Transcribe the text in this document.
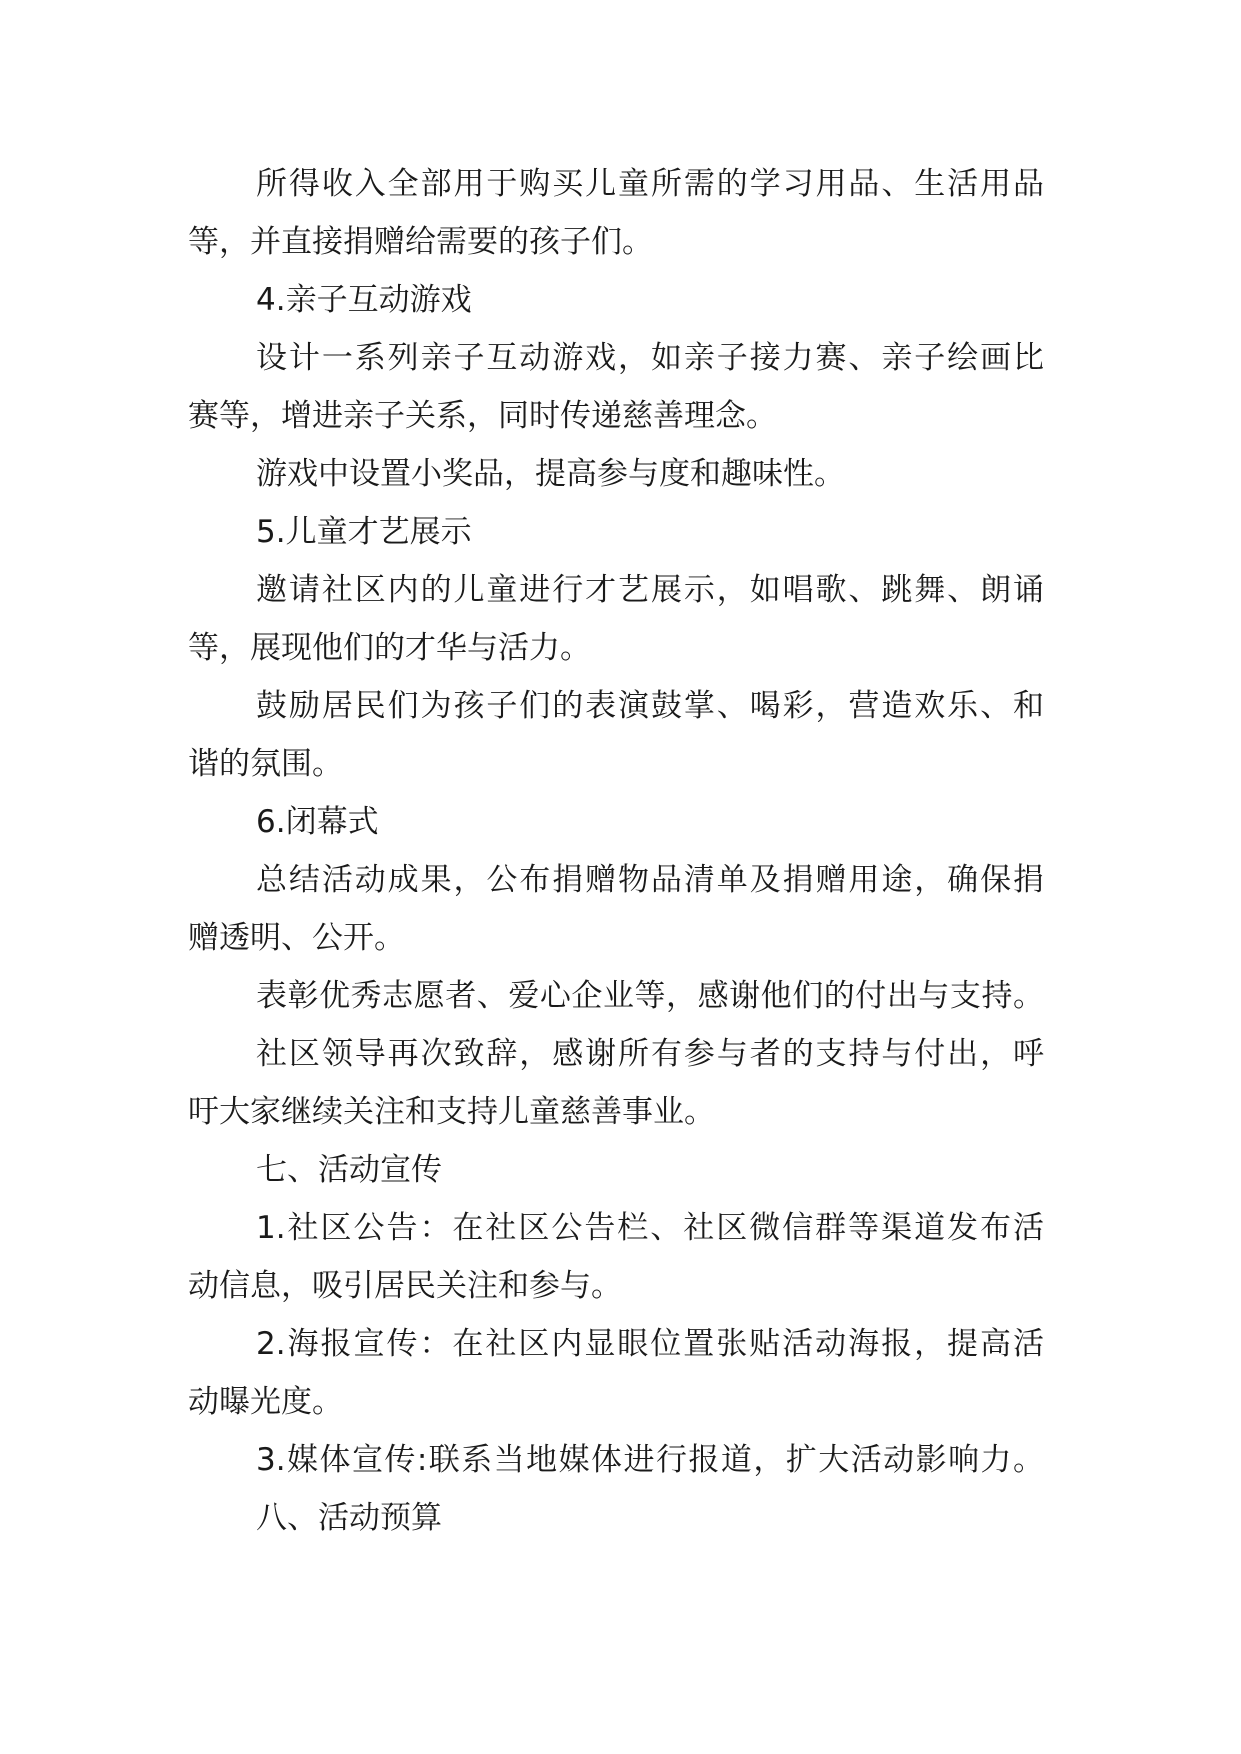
所得收入全部用于购买儿童所需的学习用品、生活用品
等，并直接捐赠给需要的孩子们。
4.亲子互动游戏
设计一系列亲子互动游戏，如亲子接力赛、亲子绘画比
赛等，增进亲子关系，同时传递慈善理念。
游戏中设置小奖品，提高参与度和趣味性。
5.儿童才艺展示
邀请社区内的儿童进行才艺展示，如唱歌、跳舞、朗诵
等，展现他们的才华与活力。
鼓励居民们为孩子们的表演鼓掌、喝彩，营造欢乐、和
谐的氛围。
6.闭幕式
总结活动成果，公布捐赠物品清单及捐赠用途，确保捐
赠透明、公开。
表彰优秀志愿者、爱心企业等，感谢他们的付出与支持。
社区领导再次致辞，感谢所有参与者的支持与付出，呼
吁大家继续关注和支持儿童慈善事业。
七、活动宣传
1.社区公告：在社区公告栏、社区微信群等渠道发布活
动信息，吸引居民关注和参与。
2.海报宣传：在社区内显眼位置张贴活动海报，提高活
动曝光度。
3.媒体宣传:联系当地媒体进行报道，扩大活动影响力。
八、活动预算
